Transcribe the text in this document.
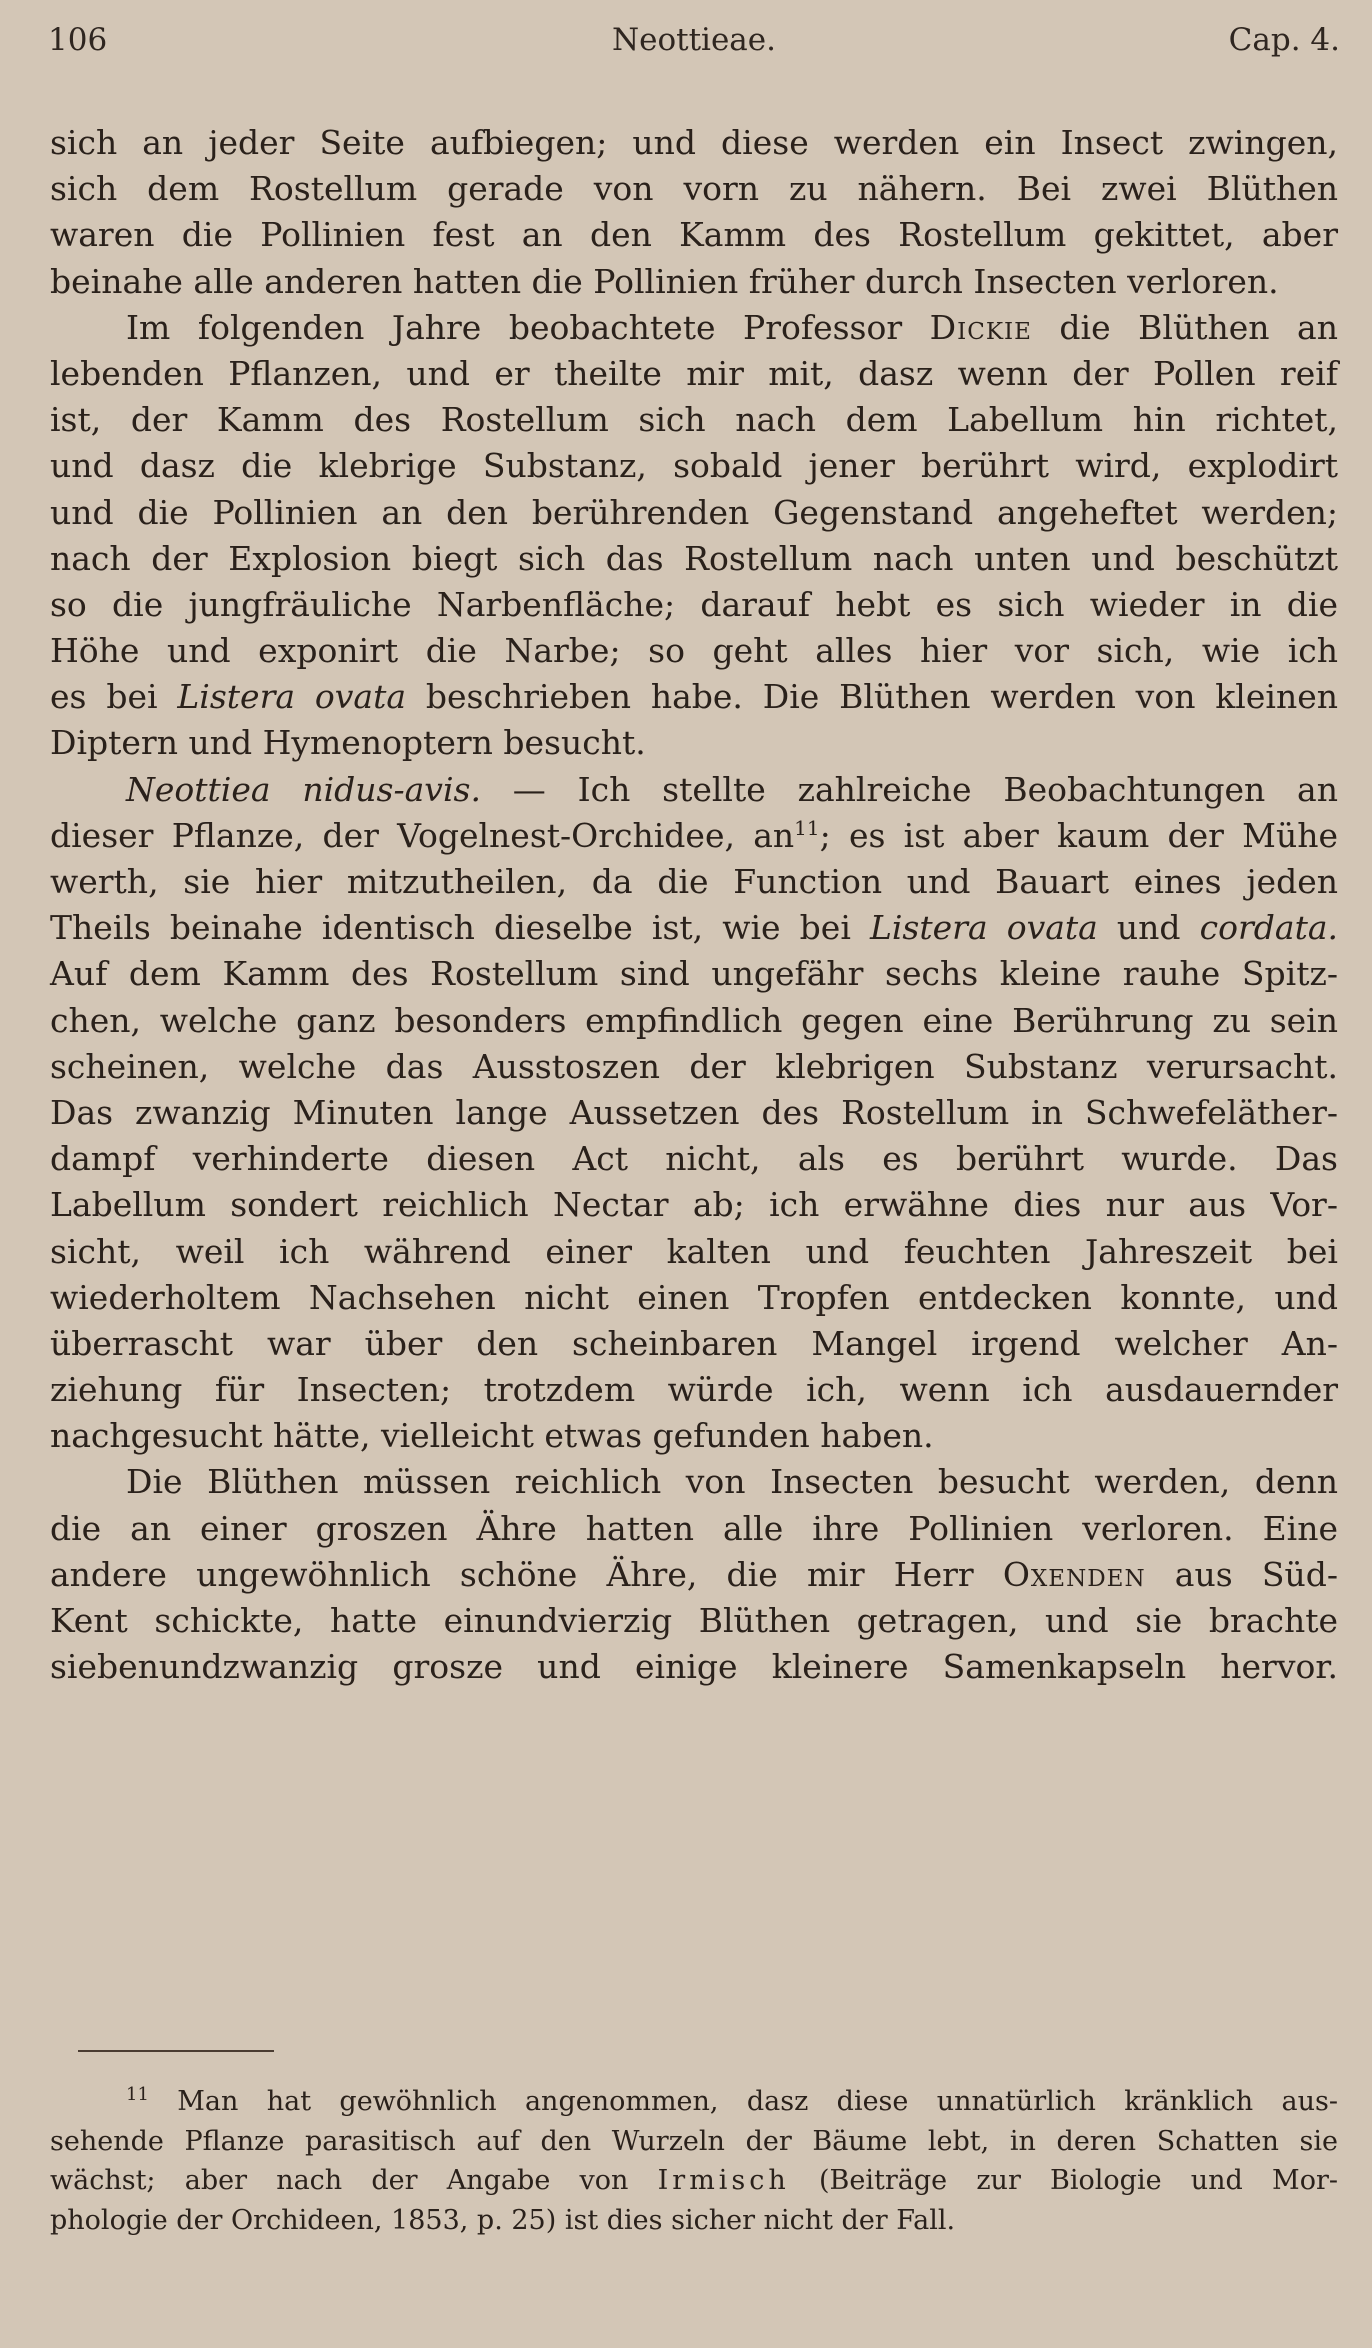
106	Neottieae.	Cap. 4.
sich an jeder Seite aufbiegen; und diese werden ein Insect zwingen,
sich dem Rostellum gerade von vorn zu nähern. Bei zwei Blüthen
waren die Pollinien fest an den Kamm des Rostellum gekittet, aber
beinahe alle anderen hatten die Pollinien früher durch Insecten verloren.
Im folgenden Jahre beobachtete Professor Dickie die Blüthen an
lebenden Pflanzen, und er theilte mir mit, dasz wenn der Pollen reif
ist, der Kamm des Rostellum sich nach dem Labellum hin richtet,
und dasz die klebrige Substanz, sobald jener berührt wird, explodirt
und die Pollinien an den berührenden Gegenstand angeheftet werden;
nach der Explosion biegt sich das Rostellum nach unten und beschützt
so die jungfräuliche Narbenfläche; darauf hebt es sich wieder in die
Höhe und exponirt die Narbe; so geht alles hier vor sich, wie ich
es bei Listera ovata beschrieben habe. Die Blüthen werden von kleinen
Diptern und Hymenoptern besucht.
Neottiea nidus-avis. — Ich stellte zahlreiche Beobachtungen an
dieser Pflanze, der Vogelnest-Orchidee, $an^{11}$; es ist aber kaum der Mühe
werth, sie hier mitzutheilen, da die Function und Bauart eines jeden
Theils beinahe identisch dieselbe ist, wie bei Listera ovata und cordata.
Auf dem Kamm des Rostellum sind ungefähr sechs kleine rauhe Spitz-
chen, welche ganz besonders empfindlich gegen eine Berührung zu sein
scheinen, welche das Ausstoszen der klebrigen Substanz verursacht.
Das zwanzig Minuten lange Aussetzen des Rostellum in Schwefeläther-
dampf verhinderte diesen Act nicht, als es berührt wurde. Das
Labellum sondert reichlich Nectar ab; ich erwähne dies nur aus Vor-
sicht, weil ich während einer kalten und feuchten Jahreszeit bei
wiederholtem Nachsehen nicht einen Tropfen entdecken konnte, und
überrascht war über den scheinbaren Mangel irgend welcher An-
ziehung für Insecten; trotzdem würde ich, wenn ich ausdauernder
nachgesucht hätte, vielleicht etwas gefunden haben.
Die Blüthen müssen reichlich von Insecten besucht werden, denn
die an einer groszen Ähre hatten alle ihre Pollinien verloren. Eine
andere ungewöhnlich schöne Ähre, die mir Herr Oxenden aus Süd-
Kent schickte, hatte einundvierzig Blüthen getragen, und sie brachte
siebenundzwanzig grosze und einige kleinere Samenkapseln hervor.
$^{11}$ Man hat gewöhnlich angenommen, dasz diese unnatürlich kränklich aus-
sehende Pflanze parasitisch auf den Wurzeln der Bäume lebt, in deren Schatten sie
wächst; aber nach der Angabe von Irmisch (Beiträge zur Biologie und Mor-
phologie der Orchideen, 1853, p. 25) ist dies sicher nicht der Fall.
